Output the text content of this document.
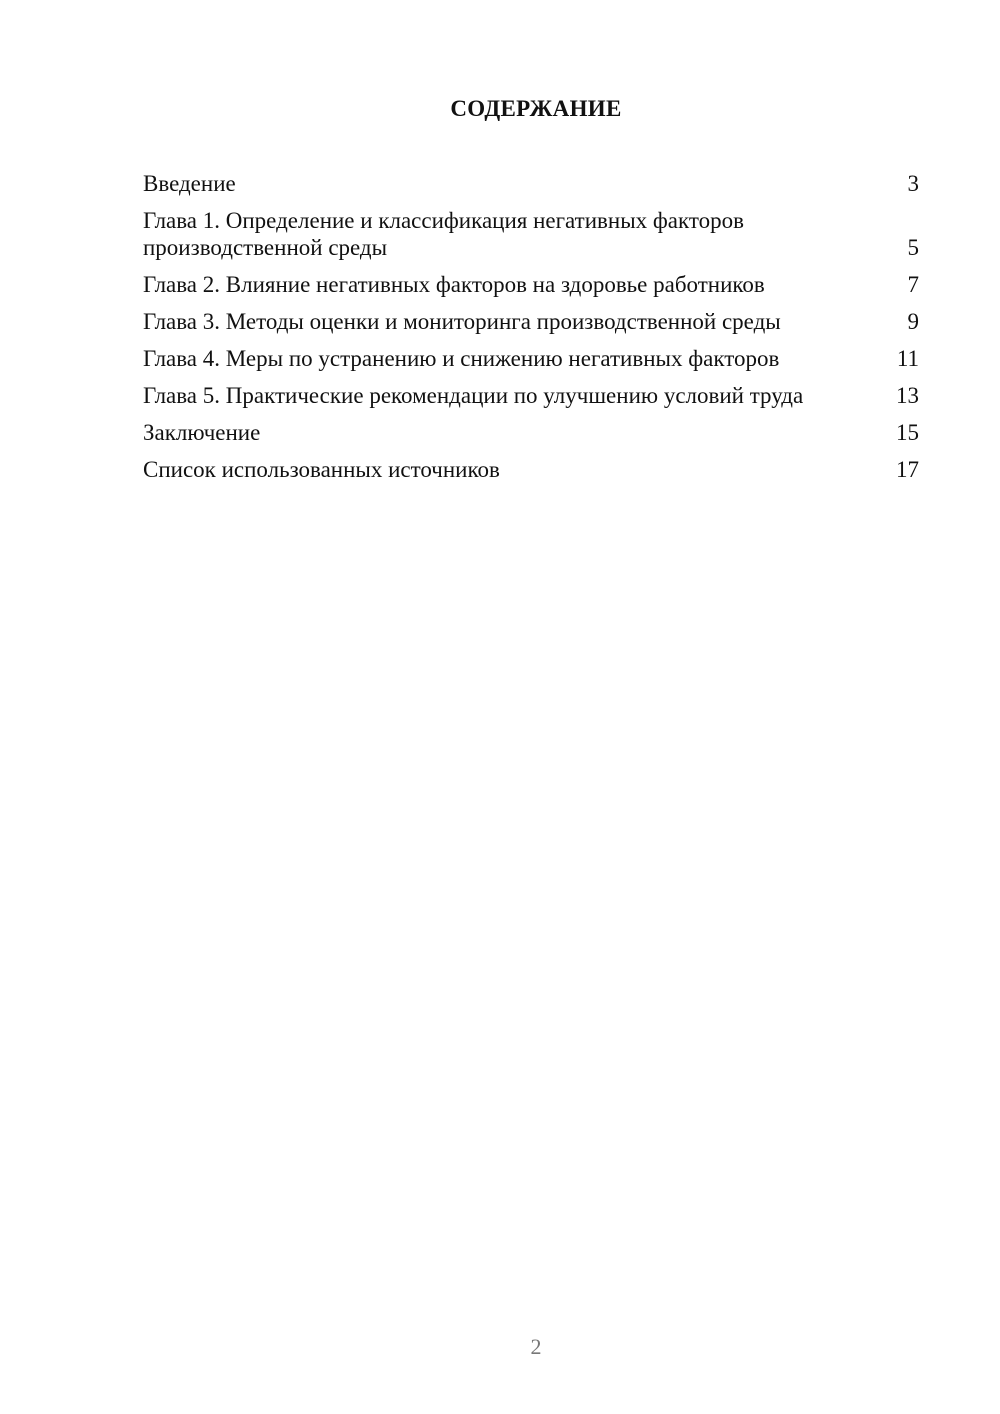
СОДЕРЖАНИЕ
Введение	3
Глава 1. Определение и классификация негативных факторов производственной среды	5
Глава 2. Влияние негативных факторов на здоровье работников	7
Глава 3. Методы оценки и мониторинга производственной среды	9
Глава 4. Меры по устранению и снижению негативных факторов	11
Глава 5. Практические рекомендации по улучшению условий труда	13
Заключение	15
Список использованных источников	17
2
